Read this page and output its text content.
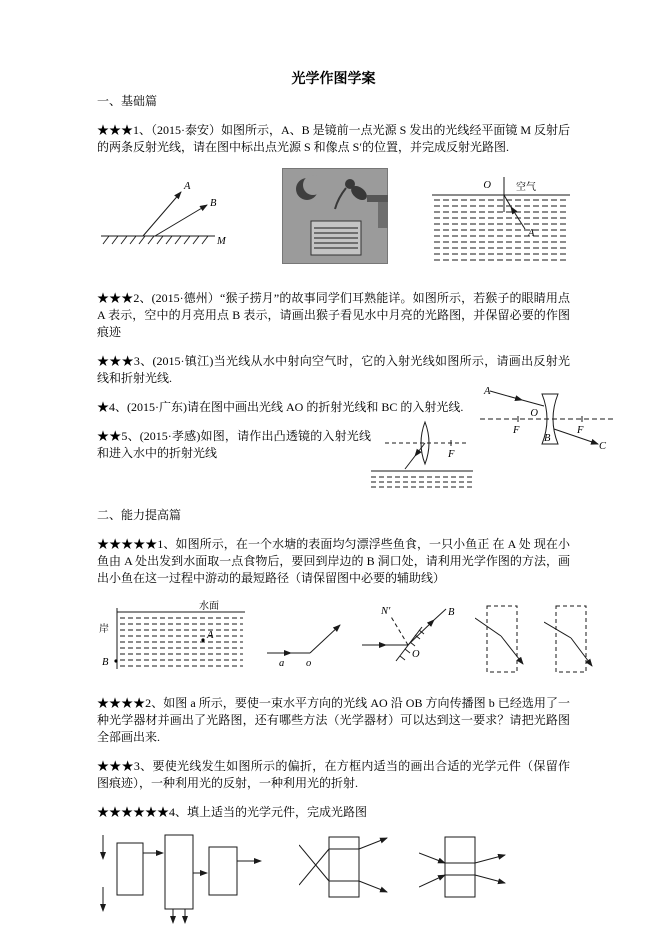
光学作图学案
一、基础篇

★★★1、（2015·泰安）如图所示，A、B 是镜前一点光源 S 发出的光线经平面镜 M 反射后的两条反射光线，请在图中标出点光源 S 和像点 S′的位置，并完成反射光路图.

A
B
M
O	空气
A

★★★2、(2015·德州）“猴子捞月”的故事同学们耳熟能详。如图所示，若猴子的眼睛用点 A 表示，空中的月亮用点 B 表示，请画出猴子看见水中月亮的光路图，并保留必要的作图痕迹

★★★3、(2015·镇江)当光线从水中射向空气时，它的入射光线如图所示，请画出反射光线和折射光线.

★4、(2015·广东)请在图中画出光线 AO 的折射光线和 BC 的入射光线.

★★5、(2015·孝感)如图，请作出凸透镜的入射光线和进入水中的折射光线

A
O
F	F
B
C
F
二、能力提高篇

★★★★★1、如图所示，在一个水塘的表面均匀漂浮些鱼食，一只小鱼正 在 A 处 现在小鱼由 A 处出发到水面取一点食物后，要回到岸边的 B 洞口处，请利用光学作图的方法，画出小鱼在这一过程中游动的最短路径（请保留图中必要的辅助线）

水面
A
岸
B	a o
N′	B
O

★★★★2、如图 a 所示，要使一束水平方向的光线 AO 沿 OB 方向传播图 b 已经选用了一种光学器材并画出了光路图，还有哪些方法（光学器材）可以达到这一要求？请把光路图全部画出来.

★★★3、要使光线发生如图所示的偏折，在方框内适当的画出合适的光学元件（保留作图痕迹），一种利用光的反射，一种利用光的折射.

★★★★★★4、填上适当的光学元件，完成光路图
